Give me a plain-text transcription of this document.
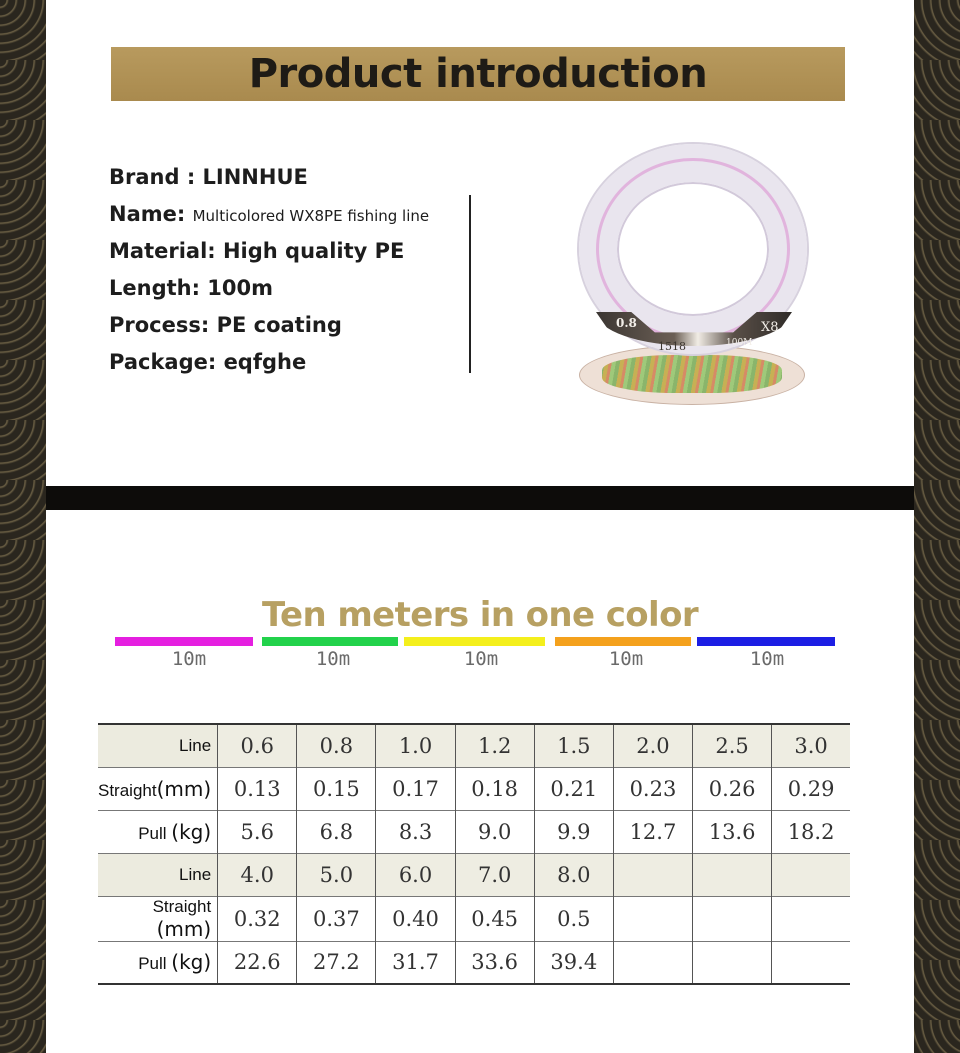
Product introduction
Brand : LINNHUE
Name: Multicolored WX8PE fishing line
Material: High quality PE
Length: 100m
Process: PE coating
Package: eqfghe
0.8	X8
1518	100M
Ten meters in one color
10m	10m	10m	10m	10m
Line	0.6	0.8	1.0	1.2	1.5	2.0	2.5	3.0
Straight(mm)	0.13	0.15	0.17	0.18	0.21	0.23	0.26	0.29
Pull (kg)	5.6	6.8	8.3	9.0	9.9	12.7	13.6	18.2
Line	4.0	5.0	6.0	7.0	8.0			
Straight (mm)	0.32	0.37	0.40	0.45	0.5			
Pull (kg)	22.6	27.2	31.7	33.6	39.4			
